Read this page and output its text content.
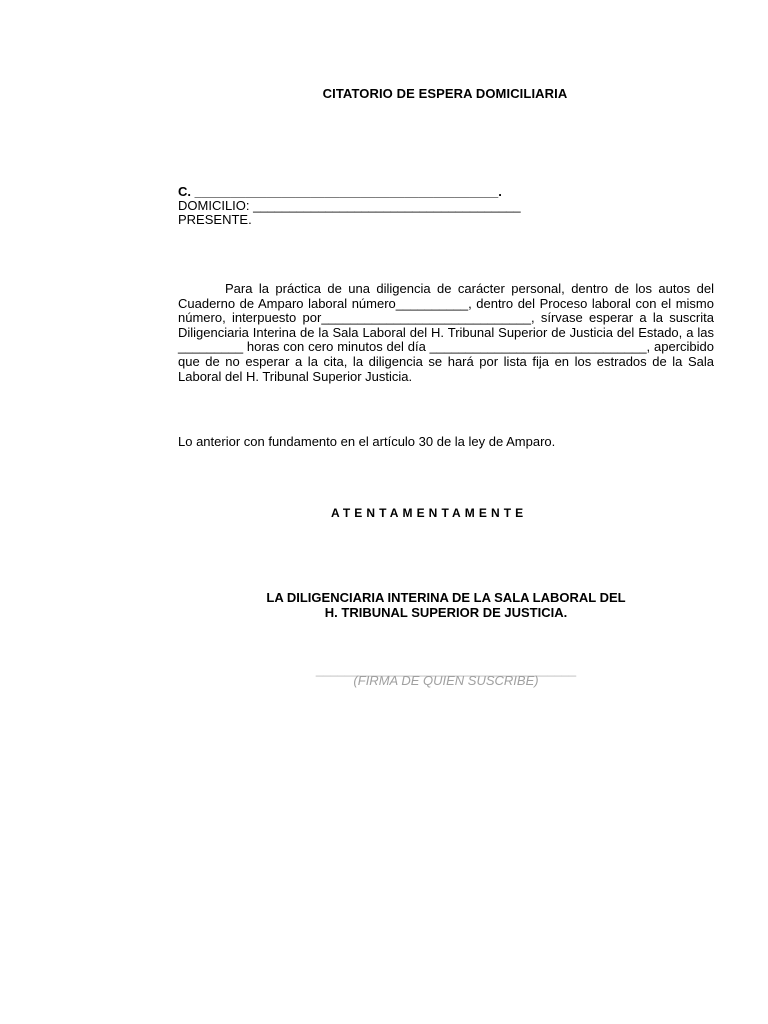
CITATORIO DE ESPERA DOMICILIARIA
C. __________________________________________.
DOMICILIO: _____________________________________
PRESENTE.

Para la práctica de una diligencia de carácter personal, dentro de los autos del Cuaderno de Amparo laboral número__________, dentro del Proceso laboral con el mismo número, interpuesto por_____________________________, sírvase esperar a la suscrita Diligenciaria Interina de la Sala Laboral del H. Tribunal Superior de Justicia del Estado, a las _________ horas con cero minutos del día ______________________________, apercibido que de no esperar a la cita, la diligencia se hará por lista fija en los estrados de la Sala Laboral del H. Tribunal Superior Justicia.

Lo anterior con fundamento en el artículo 30 de la ley de Amparo.

ATENTAMENTAMENTE
LA DILIGENCIARIA INTERINA DE LA SALA LABORAL DEL
H. TRIBUNAL SUPERIOR DE JUSTICIA.
____________________________________
(FIRMA DE QUIEN SUSCRIBE)
